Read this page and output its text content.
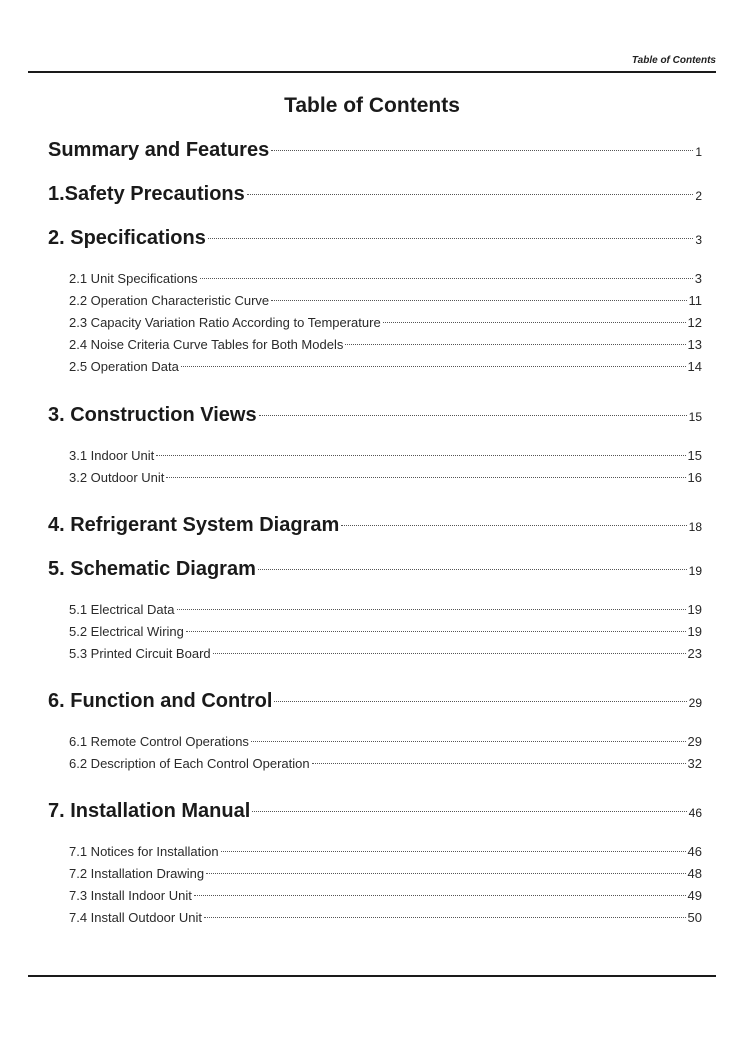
Table of Contents
Table of Contents
Summary and Features	1
1.Safety Precautions	2
2. Specifications	3
2.1 Unit Specifications	3
2.2 Operation Characteristic Curve	11
2.3 Capacity Variation Ratio According to Temperature	12
2.4 Noise Criteria Curve Tables for Both Models	13
2.5 Operation Data	14
3. Construction Views	15
3.1 Indoor Unit	15
3.2 Outdoor Unit	16
4. Refrigerant System Diagram	18
5. Schematic Diagram	19
5.1 Electrical Data	19
5.2 Electrical Wiring	19
5.3 Printed Circuit Board	23
6. Function and Control	29
6.1 Remote Control Operations	29
6.2 Description of Each Control Operation	32
7. Installation Manual	46
7.1 Notices for Installation	46
7.2 Installation Drawing	48
7.3 Install Indoor Unit	49
7.4 Install Outdoor Unit	50
